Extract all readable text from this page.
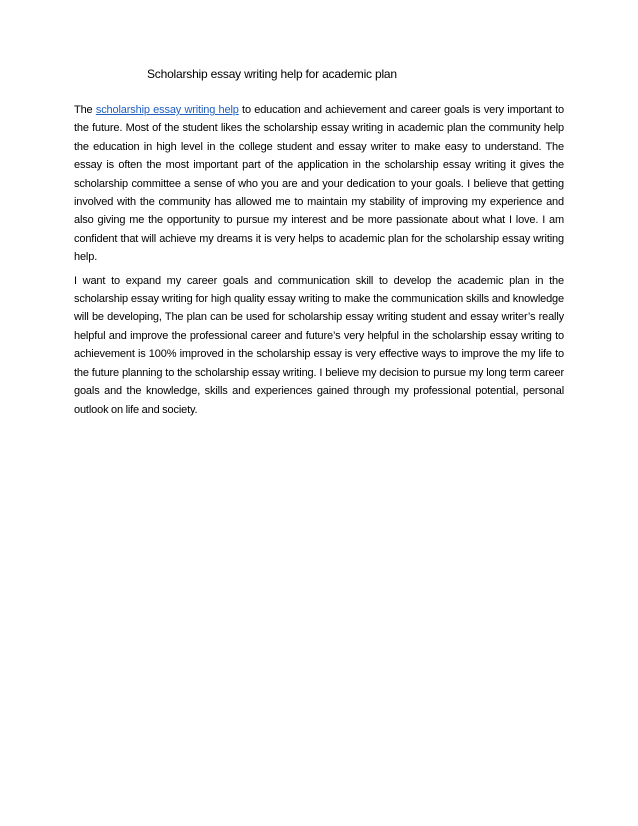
Scholarship essay writing help for academic plan

The scholarship essay writing help to education and achievement and career goals is very important to the future. Most of the student likes the scholarship essay writing in academic plan the community help the education in high level in the college student and essay writer to make easy to understand. The essay is often the most important part of the application in the scholarship essay writing it gives the scholarship committee a sense of who you are and your dedication to your goals. I believe that getting involved with the community has allowed me to maintain my stability of improving my experience and also giving me the opportunity to pursue my interest and be more passionate about what I love. I am confident that will achieve my dreams it is very helps to academic plan for the scholarship essay writing help.

I want to expand my career goals and communication skill to develop the academic plan in the scholarship essay writing for high quality essay writing to make the communication skills and knowledge will be developing, The plan can be used for scholarship essay writing student and essay writer’s really helpful and improve the professional career and future’s very helpful in the scholarship essay writing to achievement is 100% improved in the scholarship essay is very effective ways to improve the my life to the future planning to the scholarship essay writing. I believe my decision to pursue my long term career goals and the knowledge, skills and experiences gained through my professional potential, personal outlook on life and society.
